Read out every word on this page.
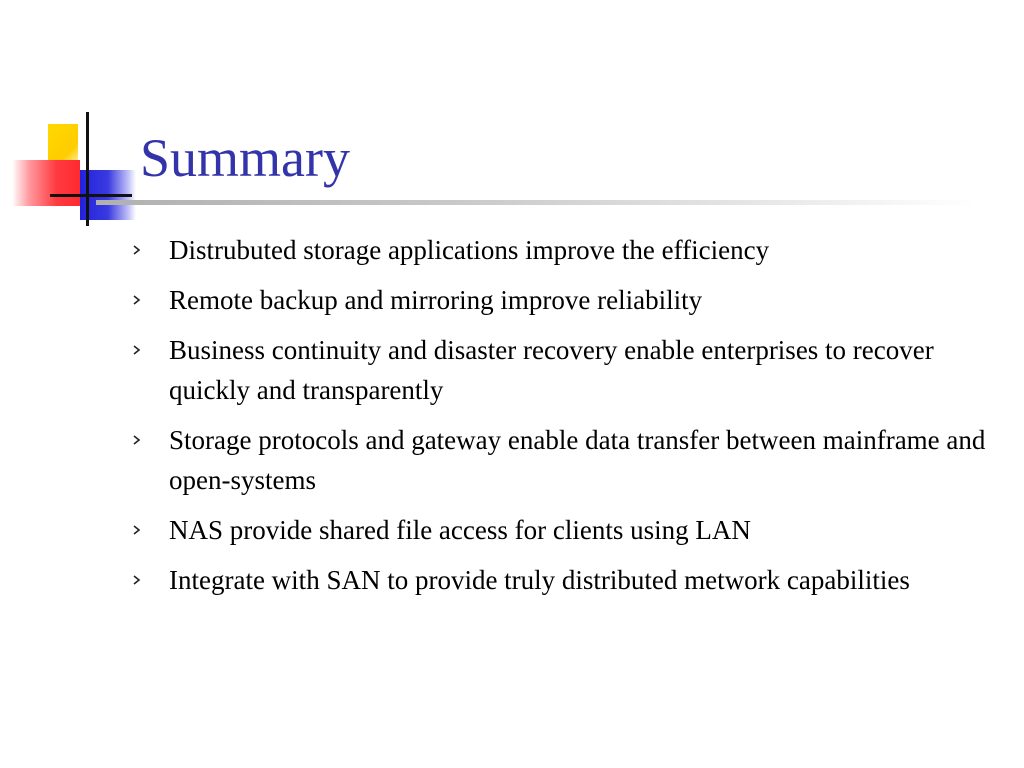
Summary
Distrubuted storage applications improve the efficiency
Remote backup and mirroring improve reliability
Business continuity and disaster recovery enable enterprises to recover quickly and transparently
Storage protocols and gateway enable data transfer between mainframe and open-systems
NAS provide shared file access for clients using LAN
Integrate with SAN to provide truly distributed metwork capabilities
